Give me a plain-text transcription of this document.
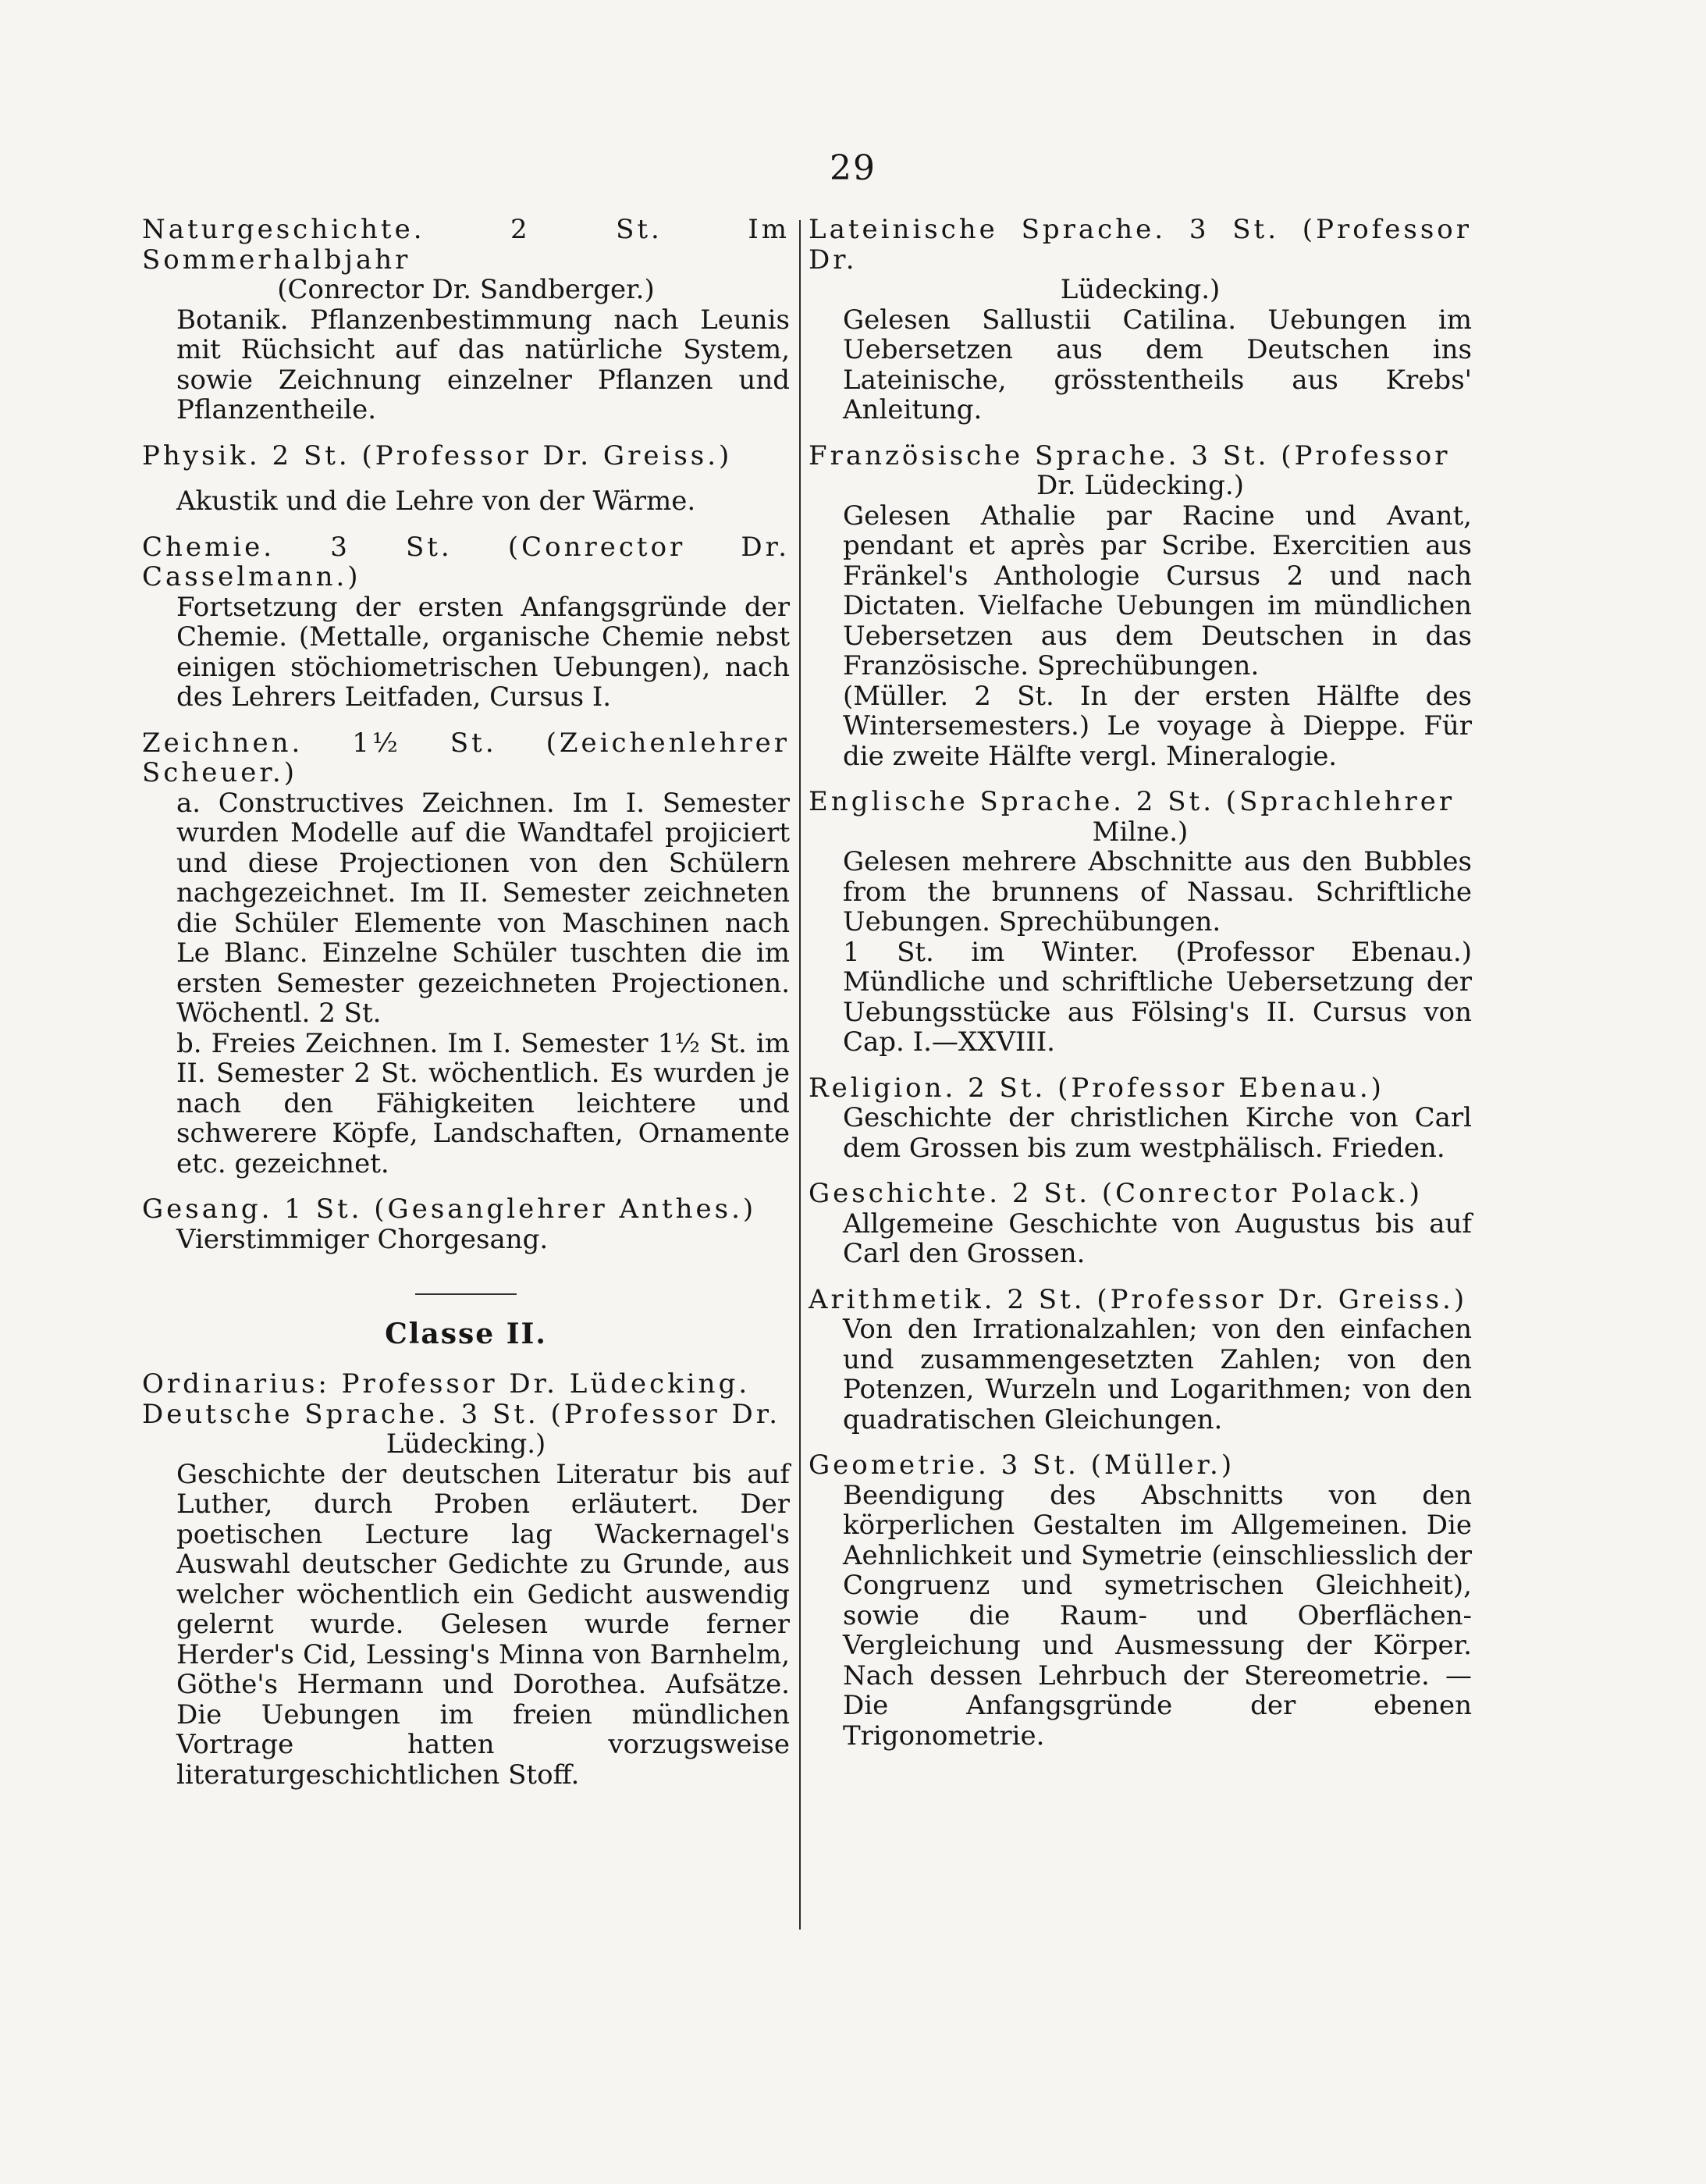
29

Naturgeschichte. 2 St. Im Sommerhalbjahr

(Conrector Dr. Sandberger.)

Botanik. Pflanzenbestimmung nach Leunis mit Rüchsicht auf das natürliche System, sowie Zeichnung einzelner Pflanzen und Pflanzentheile.

Physik. 2 St. (Professor Dr. Greiss.)

Akustik und die Lehre von der Wärme.

Chemie. 3 St. (Conrector Dr. Casselmann.)

Fortsetzung der ersten Anfangsgründe der Chemie. (Mettalle, organische Chemie nebst einigen stöchiometrischen Uebungen), nach des Lehrers Leitfaden, Cursus I.

Zeichnen. 1½ St. (Zeichenlehrer Scheuer.)

a. Constructives Zeichnen. Im I. Semester wurden Modelle auf die Wandtafel projiciert und diese Projectionen von den Schülern nachgezeichnet. Im II. Semester zeichneten die Schüler Elemente von Maschinen nach Le Blanc. Einzelne Schüler tuschten die im ersten Semester gezeichneten Projectionen. Wöchentl. 2 St.

b. Freies Zeichnen. Im I. Semester 1½ St. im II. Semester 2 St. wöchentlich. Es wurden je nach den Fähigkeiten leichtere und schwerere Köpfe, Landschaften, Ornamente etc. gezeichnet.

Gesang. 1 St. (Gesanglehrer Anthes.)

Vierstimmiger Chorgesang.

Classe II.

Ordinarius: Professor Dr. Lüdecking.

Deutsche Sprache. 3 St. (Professor Dr.

Lüdecking.)

Geschichte der deutschen Literatur bis auf Luther, durch Proben erläutert. Der poetischen Lecture lag Wackernagel's Auswahl deutscher Gedichte zu Grunde, aus welcher wöchentlich ein Gedicht auswendig gelernt wurde. Gelesen wurde ferner Herder's Cid, Lessing's Minna von Barnhelm, Göthe's Hermann und Dorothea. Aufsätze. Die Uebungen im freien mündlichen Vortrage hatten vorzugsweise literaturgeschichtlichen Stoff.

Lateinische Sprache. 3 St. (Professor Dr.

Lüdecking.)

Gelesen Sallustii Catilina. Uebungen im Uebersetzen aus dem Deutschen ins Lateinische, grösstentheils aus Krebs' Anleitung.

Französische Sprache. 3 St. (Professor

Dr. Lüdecking.)

Gelesen Athalie par Racine und Avant, pendant et après par Scribe. Exercitien aus Fränkel's Anthologie Cursus 2 und nach Dictaten. Vielfache Uebungen im mündlichen Uebersetzen aus dem Deutschen in das Französische. Sprechübungen.

(Müller. 2 St. In der ersten Hälfte des Wintersemesters.) Le voyage à Dieppe. Für die zweite Hälfte vergl. Mineralogie.

Englische Sprache. 2 St. (Sprachlehrer

Milne.)

Gelesen mehrere Abschnitte aus den Bubbles from the brunnens of Nassau. Schriftliche Uebungen. Sprechübungen.

1 St. im Winter. (Professor Ebenau.) Mündliche und schriftliche Uebersetzung der Uebungsstücke aus Fölsing's II. Cursus von Cap. I.—XXVIII.

Religion. 2 St. (Professor Ebenau.)

Geschichte der christlichen Kirche von Carl dem Grossen bis zum westphälisch. Frieden.

Geschichte. 2 St. (Conrector Polack.)

Allgemeine Geschichte von Augustus bis auf Carl den Grossen.

Arithmetik. 2 St. (Professor Dr. Greiss.)

Von den Irrationalzahlen; von den einfachen und zusammengesetzten Zahlen; von den Potenzen, Wurzeln und Logarithmen; von den quadratischen Gleichungen.

Geometrie. 3 St. (Müller.)

Beendigung des Abschnitts von den körperlichen Gestalten im Allgemeinen. Die Aehnlichkeit und Symetrie (einschliesslich der Congruenz und symetrischen Gleichheit), sowie die Raum- und Oberflächen-Vergleichung und Ausmessung der Körper. Nach dessen Lehrbuch der Stereometrie. — Die Anfangsgründe der ebenen Trigonometrie.
